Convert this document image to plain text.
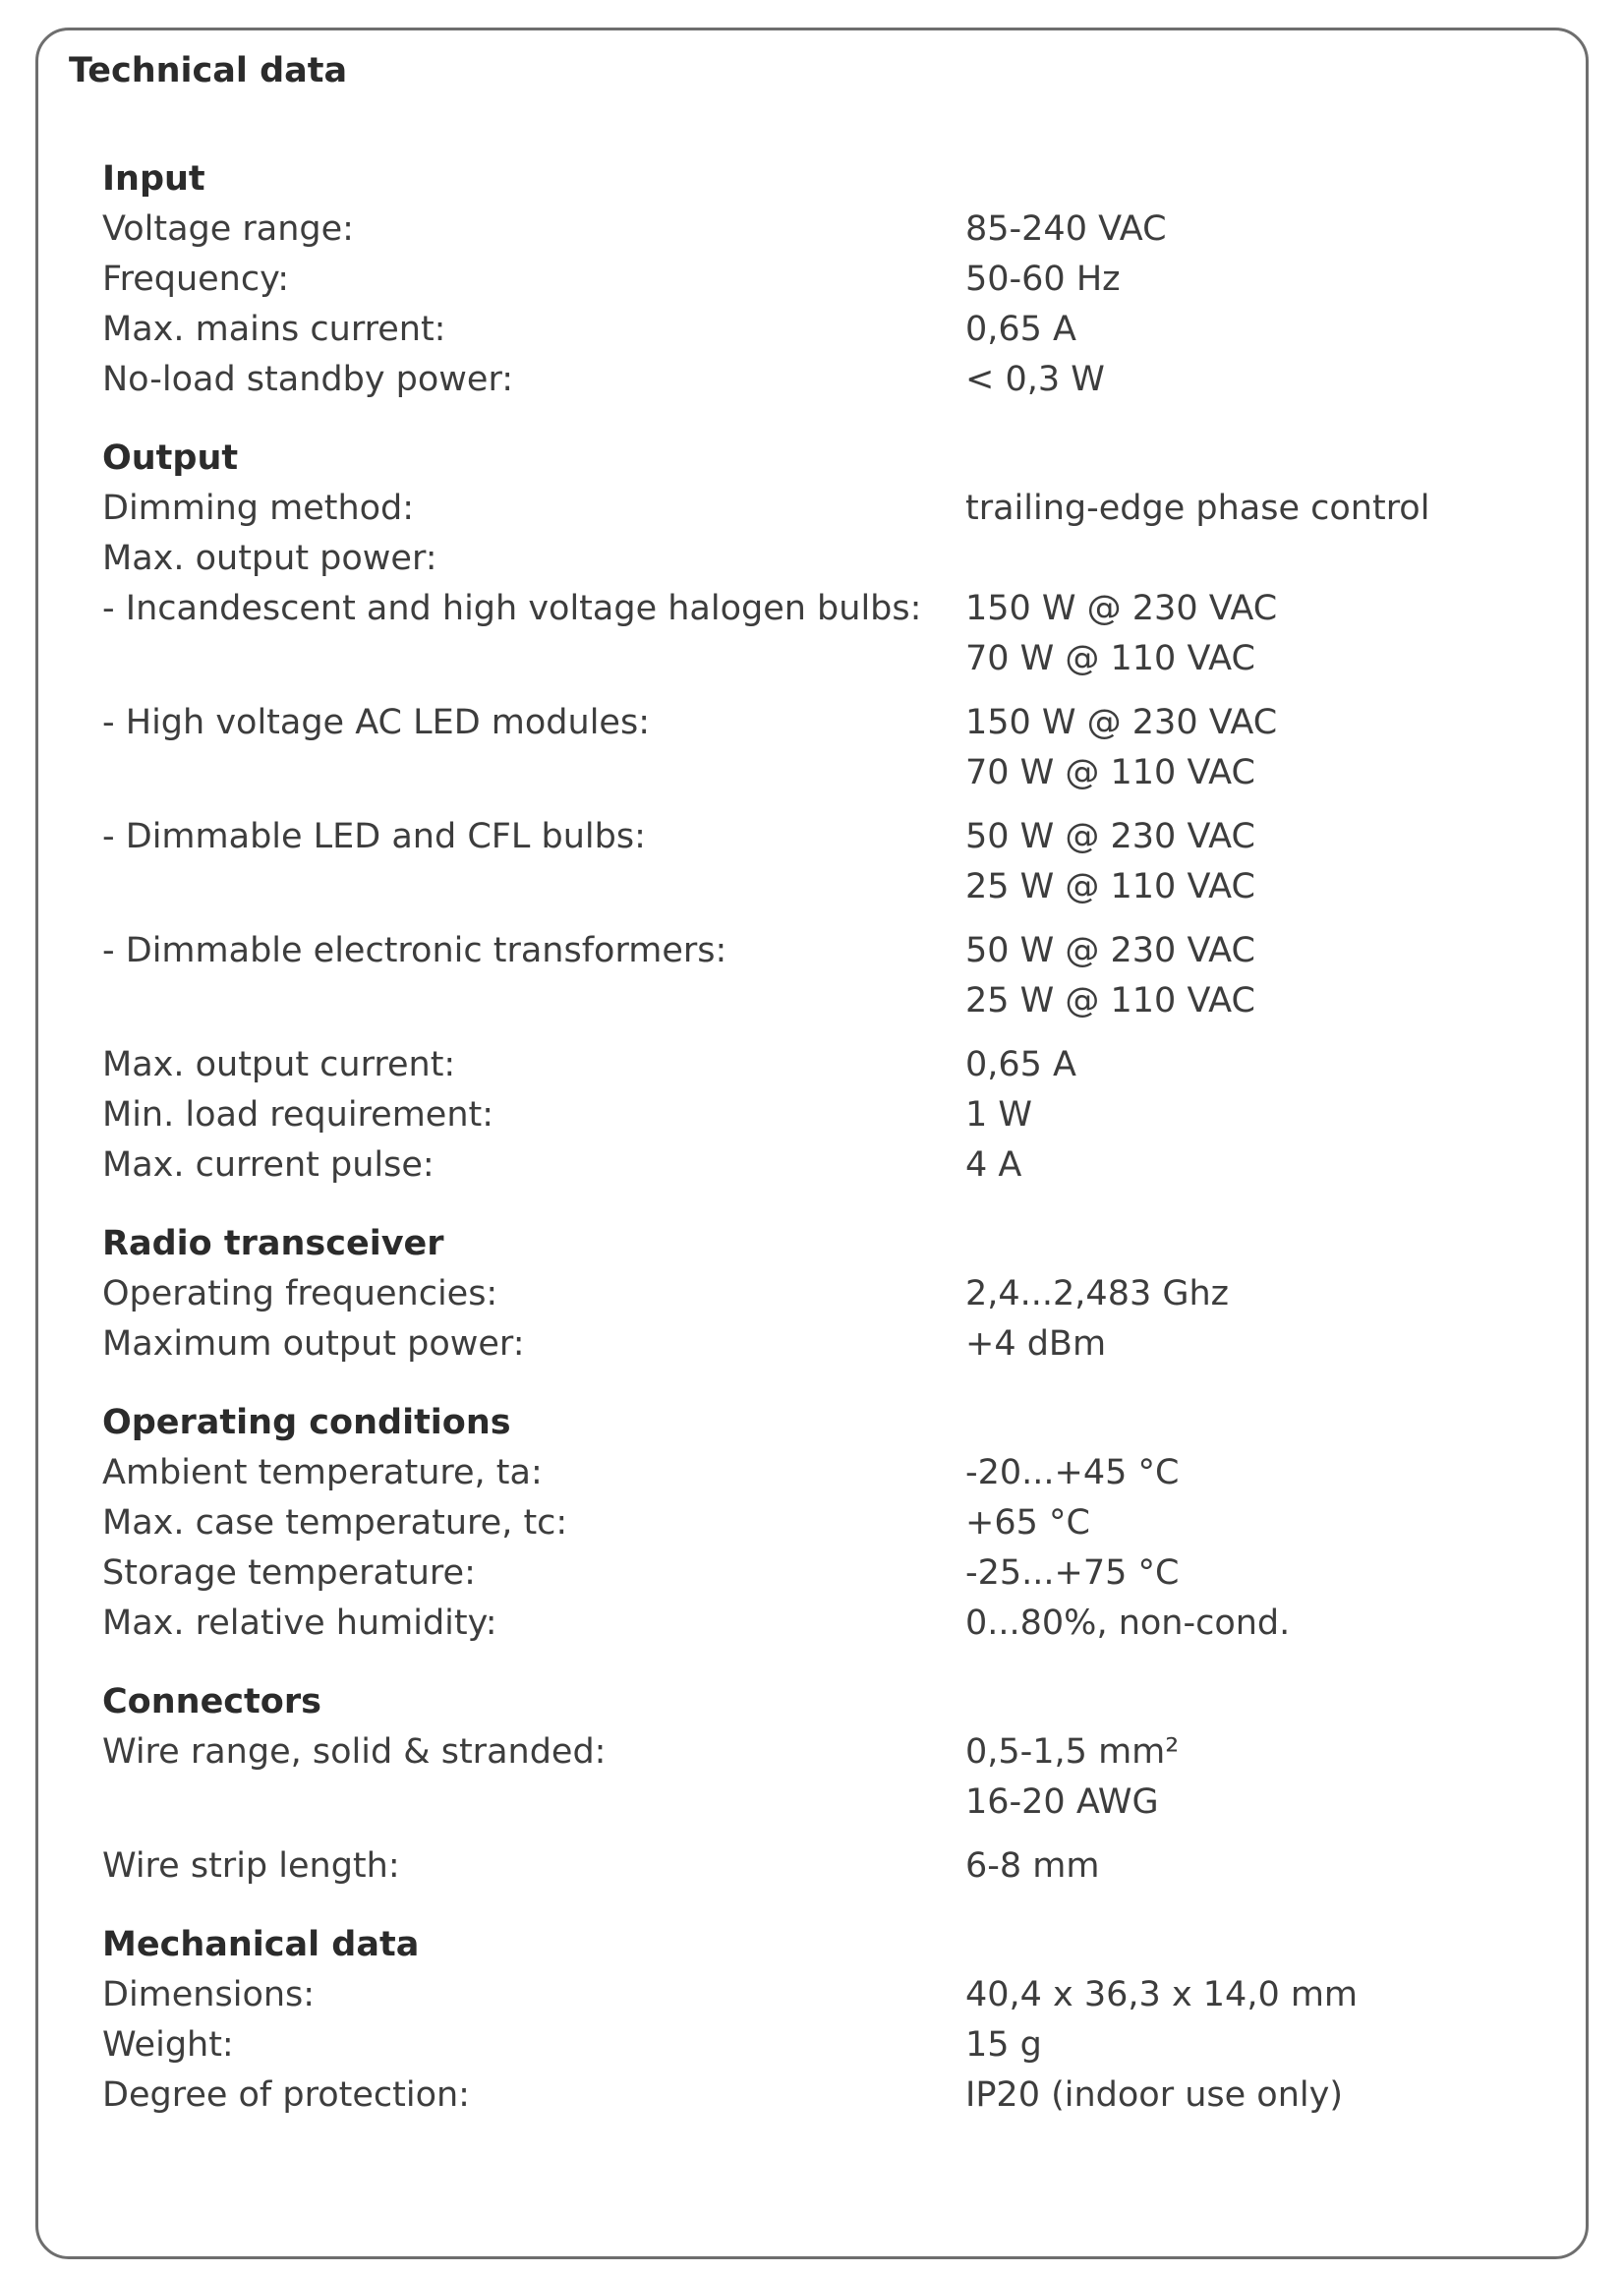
Technical data
Input
Voltage range:	85-240 VAC
Frequency:	50-60 Hz
Max. mains current:	0,65 A
No-load standby power:	< 0,3 W
Output
Dimming method:	trailing-edge phase control
Max. output power:
- Incandescent and high voltage halogen bulbs: 150 W @ 230 VAC
70 W @ 110 VAC
- High voltage AC LED modules:	150 W @ 230 VAC
70 W @ 110 VAC
- Dimmable LED and CFL bulbs:	50 W @ 230 VAC
25 W @ 110 VAC
- Dimmable electronic transformers:	50 W @ 230 VAC
25 W @ 110 VAC
Max. output current:	0,65 A
Min. load requirement:	1 W
Max. current pulse:	4 A
Radio transceiver
Operating frequencies:	2,4...2,483 Ghz
Maximum output power:	+4 dBm
Operating conditions
Ambient temperature, ta:	-20...+45 °C
Max. case temperature, tc:	+65 °C
Storage temperature:	-25...+75 °C
Max. relative humidity:	0...80%, non-cond.
Connectors
Wire range, solid & stranded:	0,5-1,5 mm²
16-20 AWG
Wire strip length:	6-8 mm
Mechanical data
Dimensions:	40,4 x 36,3 x 14,0 mm
Weight:	15 g
Degree of protection:	IP20 (indoor use only)
